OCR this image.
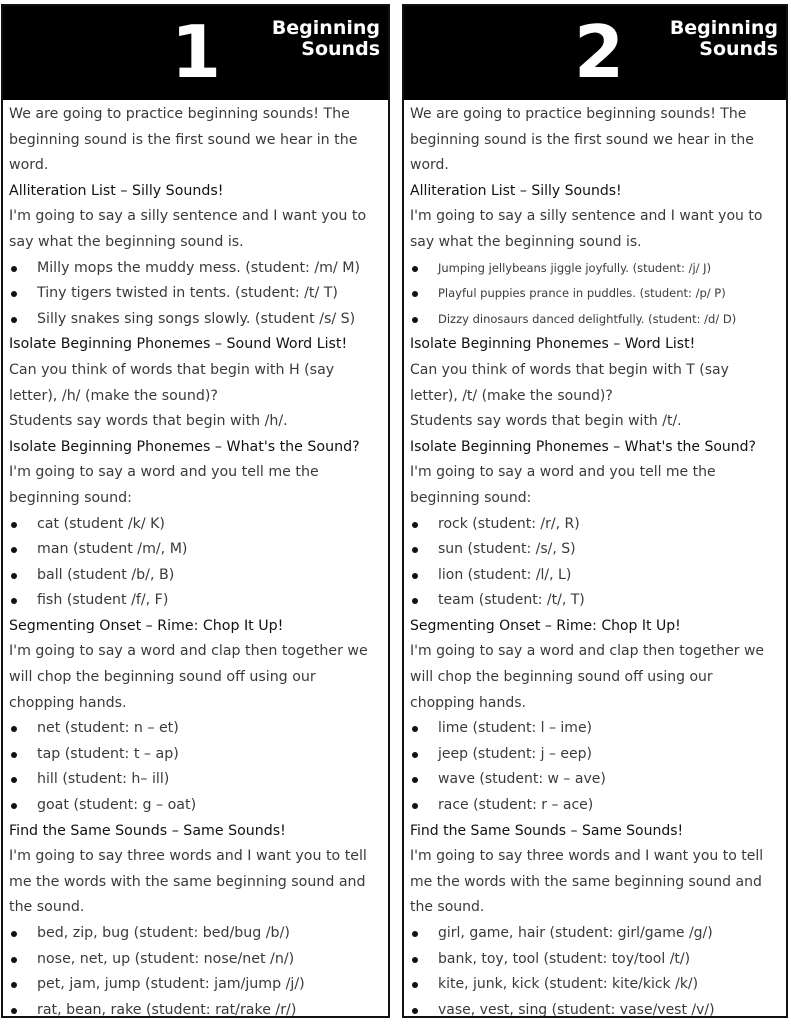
1	Beginning
Sounds
We are going to practice beginning sounds! The beginning sound is the first sound we hear in the word.
Alliteration List – Silly Sounds!
I'm going to say a silly sentence and I want you to say what the beginning sound is.
Milly mops the muddy mess. (student: /m/ M)
Tiny tigers twisted in tents. (student: /t/ T)
Silly snakes sing songs slowly. (student /s/ S)
Isolate Beginning Phonemes – Sound Word List!
Can you think of words that begin with H (say letter), /h/ (make the sound)?
Students say words that begin with /h/.
Isolate Beginning Phonemes – What's the Sound?
I'm going to say a word and you tell me the beginning sound:
cat (student /k/ K)
man (student /m/, M)
ball (student /b/, B)
fish (student /f/, F)
Segmenting Onset – Rime: Chop It Up!
I'm going to say a word and clap then together we will chop the beginning sound off using our chopping hands.
net (student: n – et)
tap (student: t – ap)
hill (student: h– ill)
goat (student: g – oat)
Find the Same Sounds – Same Sounds!
I'm going to say three words and I want you to tell me the words with the same beginning sound and the sound.
bed, zip, bug (student: bed/bug /b/)
nose, net, up (student: nose/net /n/)
pet, jam, jump (student: jam/jump /j/)
rat, bean, rake (student: rat/rake /r/)
2 Beginning
Sounds
We are going to practice beginning sounds! The beginning sound is the first sound we hear in the word.
Alliteration List – Silly Sounds!
I'm going to say a silly sentence and I want you to say what the beginning sound is.
Jumping jellybeans jiggle joyfully. (student: /j/ J)
Playful puppies prance in puddles. (student: /p/ P)
Dizzy dinosaurs danced delightfully. (student: /d/ D)
Isolate Beginning Phonemes – Word List!
Can you think of words that begin with T (say letter), /t/ (make the sound)?
Students say words that begin with /t/.
Isolate Beginning Phonemes – What's the Sound?
I'm going to say a word and you tell me the beginning sound:
rock (student: /r/, R)
sun (student: /s/, S)
lion (student: /l/, L)
team (student: /t/, T)
Segmenting Onset – Rime: Chop It Up!
I'm going to say a word and clap then together we will chop the beginning sound off using our chopping hands.
lime (student: l – ime)
jeep (student: j – eep)
wave (student: w – ave)
race (student: r – ace)
Find the Same Sounds – Same Sounds!
I'm going to say three words and I want you to tell me the words with the same beginning sound and the sound.
girl, game, hair (student: girl/game /g/)
bank, toy, tool (student: toy/tool /t/)
kite, junk, kick (student: kite/kick /k/)
vase, vest, sing (student: vase/vest /v/)
